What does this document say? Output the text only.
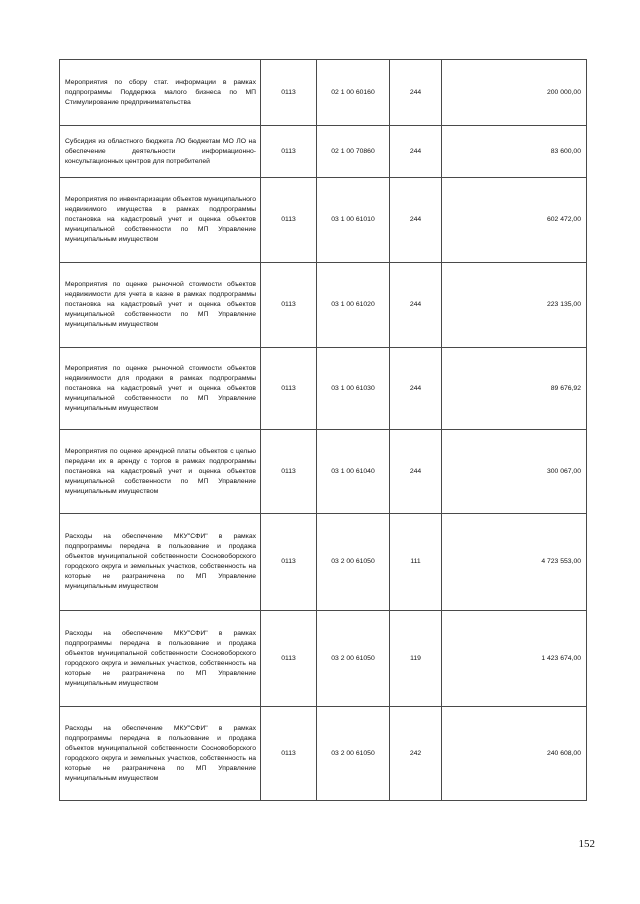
Мероприятия по сбору стат. информации в рамках подпрограммы Поддержка малого бизнеса по МП Стимулирование предпринимательства	0113	02 1 00 60160	244	200 000,00
Субсидия из областного бюджета ЛО бюджетам МО ЛО на обеспечение деятельности информационно-консультационных центров для потребителей	0113	02 1 00 70860	244	83 600,00
Мероприятия по инвентаризации объектов муниципального недвижимого имущества в рамках подпрограммы постановка на кадастровый учет и оценка объектов муниципальной собственности по МП Управление муниципальным имуществом	0113	03 1 00 61010	244	602 472,00
Мероприятия по оценке рыночной стоимости объектов недвижимости для учета в казне в рамках подпрограммы постановка на кадастровый учет и оценка объектов муниципальной собственности по МП Управление муниципальным имуществом	0113	03 1 00 61020	244	223 135,00
Мероприятия по оценке рыночной стоимости объектов недвижимости для продажи в рамках подпрограммы постановка на кадастровый учет и оценка объектов муниципальной собственности по МП Управление муниципальным имуществом	0113	03 1 00 61030	244	89 676,92
Мероприятия по оценке арендной платы объектов с целью передачи их в аренду с торгов в рамках подпрограммы постановка на кадастровый учет и оценка объектов муниципальной собственности по МП Управление муниципальным имуществом	0113	03 1 00 61040	244	300 067,00
Расходы на обеспечение МКУ"СФИ" в рамках подпрограммы передача в пользование и продажа объектов муниципальной собственности Сосновоборского городского округа и земельных участков, собственность на которые не разграничена по МП Управление муниципальным имуществом	0113	03 2 00 61050	111	4 723 553,00
Расходы на обеспечение МКУ"СФИ" в рамках подпрограммы передача в пользование и продажа объектов муниципальной собственности Сосновоборского городского округа и земельных участков, собственность на которые не разграничена по МП Управление муниципальным имуществом	0113	03 2 00 61050	119	1 423 674,00
Расходы на обеспечение МКУ"СФИ" в рамках подпрограммы передача в пользование и продажа объектов муниципальной собственности Сосновоборского городского округа и земельных участков, собственность на которые не разграничена по МП Управление муниципальным имуществом	0113	03 2 00 61050	242	240 608,00
152
